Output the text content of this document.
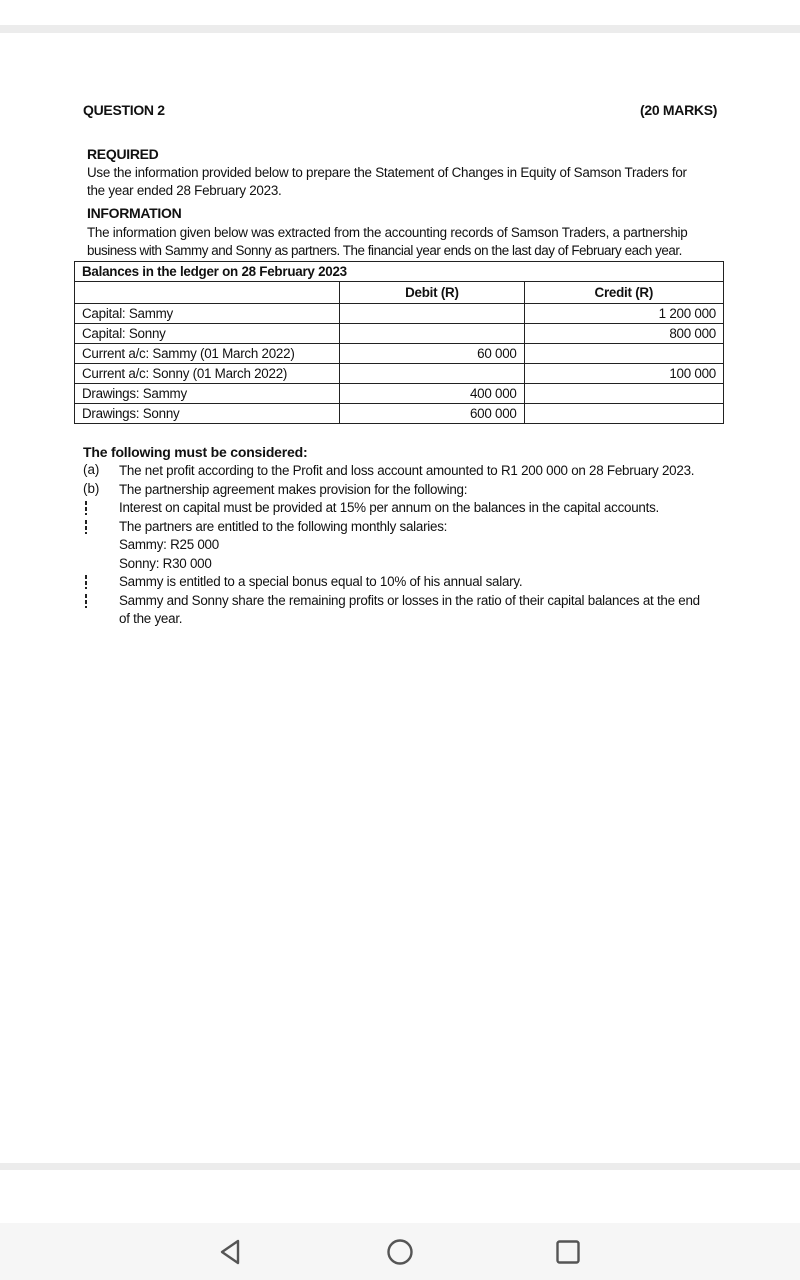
QUESTION 2	(20 MARKS)
REQUIRED
Use the information provided below to prepare the Statement of Changes in Equity of Samson Traders for
the year ended 28 February 2023.
INFORMATION
The information given below was extracted from the accounting records of Samson Traders, a partnership
business with Sammy and Sonny as partners. The financial year ends on the last day of February each year.
Balances in the ledger on 28 February 2023		
	Debit (R)	Credit (R)
Capital: Sammy		1 200 000
Capital: Sonny		800 000
Current a/c: Sammy (01 March 2022)	60 000	
Current a/c: Sonny (01 March 2022)		100 000
Drawings: Sammy	400 000	
Drawings: Sonny	600 000	
The following must be considered:
(a) The net profit according to the Profit and loss account amounted to R1 200 000 on 28 February 2023.
(b) The partnership agreement makes provision for the following:
Interest on capital must be provided at 15% per annum on the balances in the capital accounts.
The partners are entitled to the following monthly salaries:
Sammy: R25 000
Sonny: R30 000
Sammy is entitled to a special bonus equal to 10% of his annual salary.
Sammy and Sonny share the remaining profits or losses in the ratio of their capital balances at the end
of the year.
